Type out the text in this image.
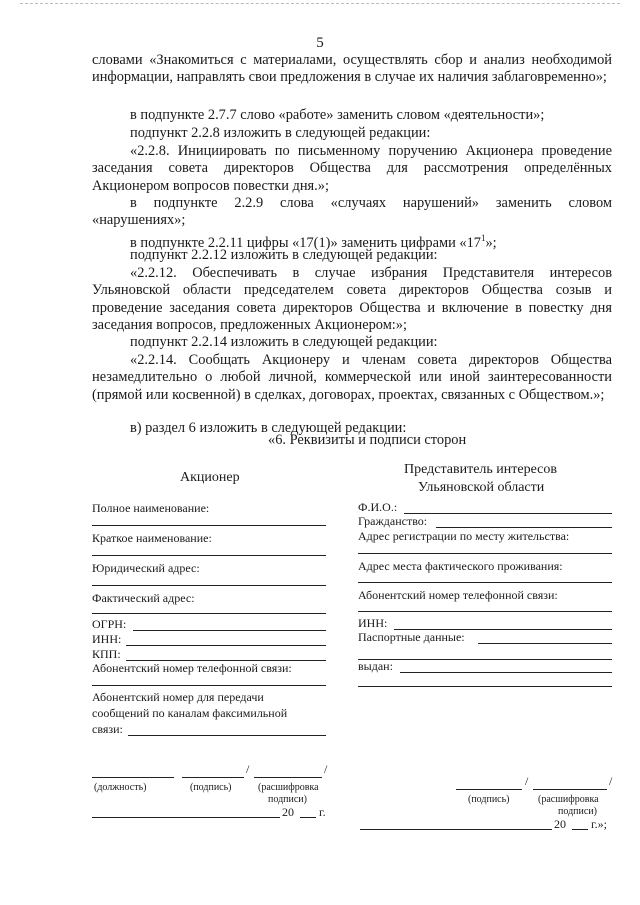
5
словами «Знакомиться с материалами, осуществлять сбор и анализ необходимой информации, направлять свои предложения в случае их наличия заблаговременно»;
в подпункте 2.7.7 слово «работе» заменить словом «деятельности»;
подпункт 2.2.8 изложить в следующей редакции:
«2.2.8. Инициировать по письменному поручению Акционера проведение заседания совета директоров Общества для рассмотрения определённых Акционером вопросов повестки дня.»;
в подпункте 2.2.9 слова «случаях нарушений» заменить словом «нарушениях»;
в подпункте 2.2.11 цифры «17(1)» заменить цифрами «$17^1$»;
подпункт 2.2.12 изложить в следующей редакции:
«2.2.12. Обеспечивать в случае избрания Представителя интересов Ульяновской области председателем совета директоров Общества созыв и проведение заседания совета директоров Общества и включение в повестку дня заседания вопросов, предложенных Акционером:»;
подпункт 2.2.14 изложить в следующей редакции:
«2.2.14. Сообщать Акционеру и членам совета директоров Общества незамедлительно о любой личной, коммерческой или иной заинтересованности (прямой или косвенной) в сделках, договорах, проектах, связанных с Обществом.»;
в) раздел 6 изложить в следующей редакции:
«6. Реквизиты и подписи сторон
Акционер
Полное наименование:
Краткое наименование:
Юридический адрес:
Фактический адрес:
ОГРН:
ИНН:
КПП:
Абонентский номер телефонной связи:
Абонентский номер для передачи
сообщений по каналам факсимильной
связи:
/	/
(должность)	(подпись)	(расшифровка
подписи)
20 г.
Представитель интересов
Ульяновской области
Ф.И.О.:
Гражданство:
Адрес регистрации по месту жительства:
Адрес места фактического проживания:
Абонентский номер телефонной связи:
ИНН:
Паспортные данные:
выдан:
/	/
(подпись)	(расшифровка
подписи)
20 г.»;
